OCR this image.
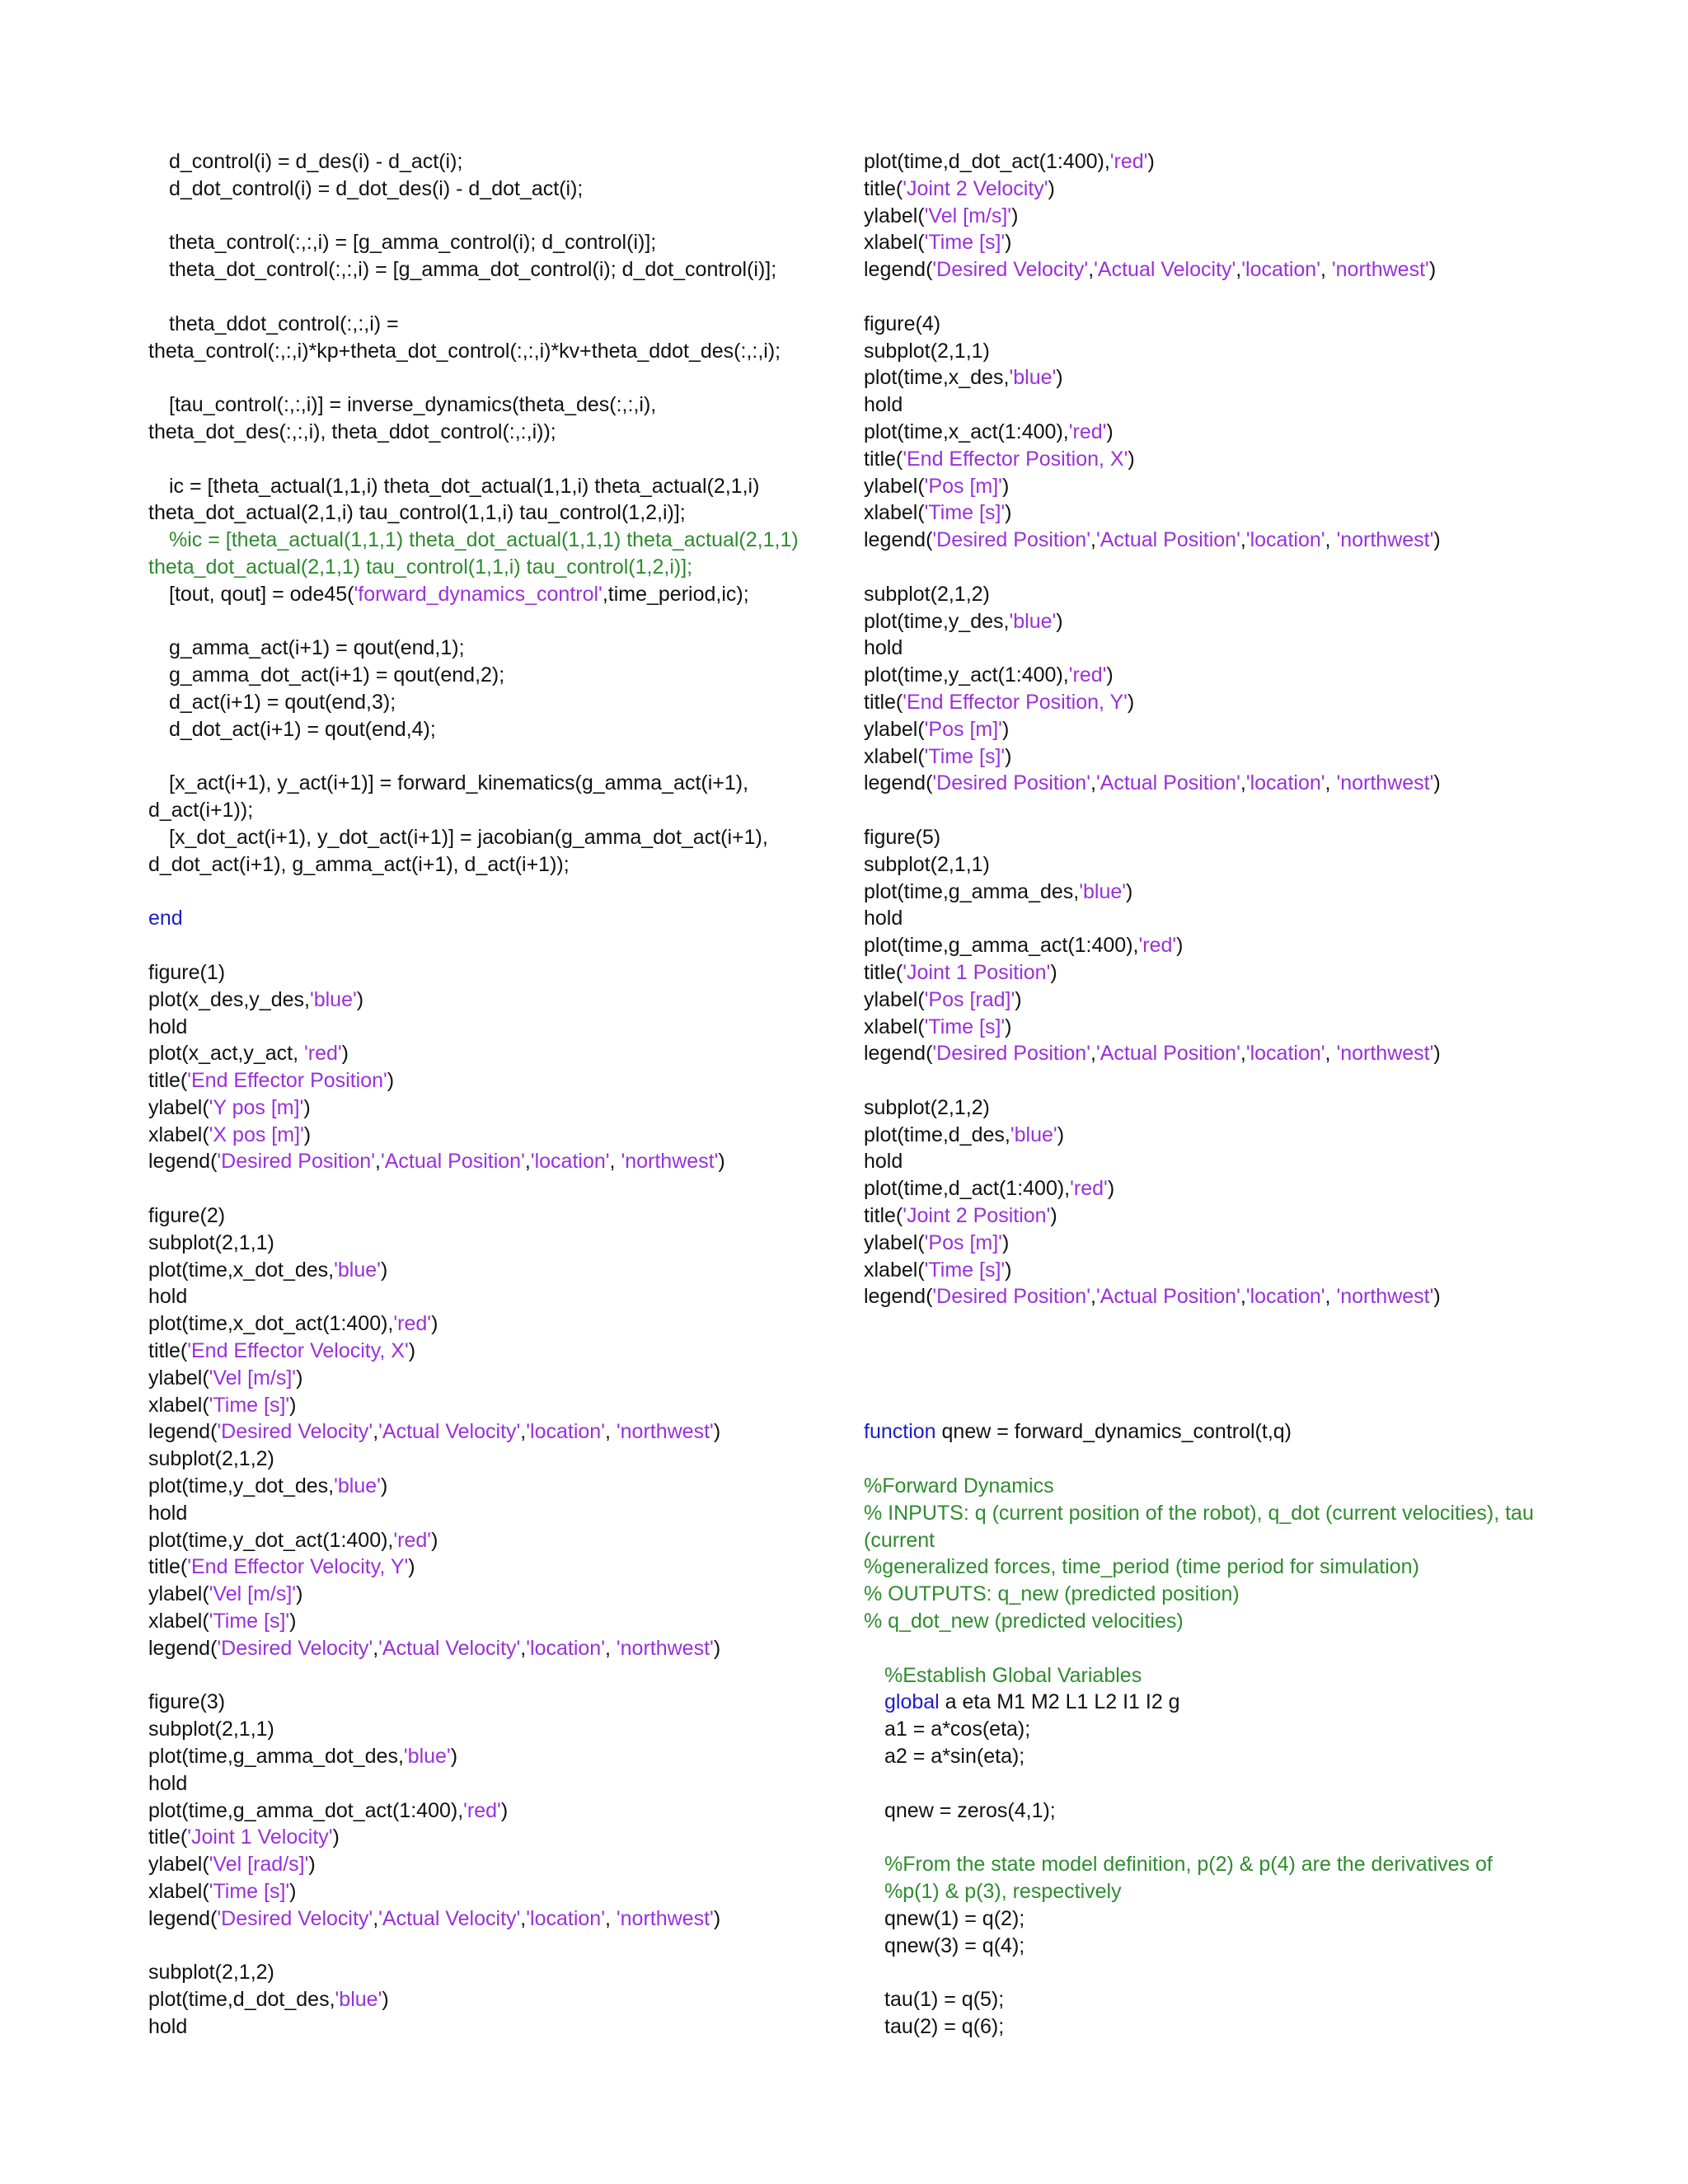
d_control(i) = d_des(i) - d_act(i);
d_dot_control(i) = d_dot_des(i) - d_dot_act(i);

theta_control(:,:,i) = [g_amma_control(i); d_control(i)];
theta_dot_control(:,:,i) = [g_amma_dot_control(i); d_dot_control(i)];

theta_ddot_control(:,:,i) =
theta_control(:,:,i)*kp+theta_dot_control(:,:,i)*kv+theta_ddot_des(:,:,i);

[tau_control(:,:,i)] = inverse_dynamics(theta_des(:,:,i),
theta_dot_des(:,:,i), theta_ddot_control(:,:,i));

ic = [theta_actual(1,1,i) theta_dot_actual(1,1,i) theta_actual(2,1,i)
theta_dot_actual(2,1,i) tau_control(1,1,i) tau_control(1,2,i)];
%ic = [theta_actual(1,1,1) theta_dot_actual(1,1,1) theta_actual(2,1,1)
theta_dot_actual(2,1,1) tau_control(1,1,i) tau_control(1,2,i)];
[tout, qout] = ode45('forward_dynamics_control',time_period,ic);

g_amma_act(i+1) = qout(end,1);
g_amma_dot_act(i+1) = qout(end,2);
d_act(i+1) = qout(end,3);
d_dot_act(i+1) = qout(end,4);

[x_act(i+1), y_act(i+1)] = forward_kinematics(g_amma_act(i+1),
d_act(i+1));
[x_dot_act(i+1), y_dot_act(i+1)] = jacobian(g_amma_dot_act(i+1),
d_dot_act(i+1), g_amma_act(i+1), d_act(i+1));

end

figure(1)
plot(x_des,y_des,'blue')
hold
plot(x_act,y_act, 'red')
title('End Effector Position')
ylabel('Y pos [m]')
xlabel('X pos [m]')
legend('Desired Position','Actual Position','location', 'northwest')

figure(2)
subplot(2,1,1)
plot(time,x_dot_des,'blue')
hold
plot(time,x_dot_act(1:400),'red')
title('End Effector Velocity, X')
ylabel('Vel [m/s]')
xlabel('Time [s]')
legend('Desired Velocity','Actual Velocity','location', 'northwest')
subplot(2,1,2)
plot(time,y_dot_des,'blue')
hold
plot(time,y_dot_act(1:400),'red')
title('End Effector Velocity, Y')
ylabel('Vel [m/s]')
xlabel('Time [s]')
legend('Desired Velocity','Actual Velocity','location', 'northwest')

figure(3)
subplot(2,1,1)
plot(time,g_amma_dot_des,'blue')
hold
plot(time,g_amma_dot_act(1:400),'red')
title('Joint 1 Velocity')
ylabel('Vel [rad/s]')
xlabel('Time [s]')
legend('Desired Velocity','Actual Velocity','location', 'northwest')

subplot(2,1,2)
plot(time,d_dot_des,'blue')
hold
plot(time,d_dot_act(1:400),'red')
title('Joint 2 Velocity')
ylabel('Vel [m/s]')
xlabel('Time [s]')
legend('Desired Velocity','Actual Velocity','location', 'northwest')

figure(4)
subplot(2,1,1)
plot(time,x_des,'blue')
hold
plot(time,x_act(1:400),'red')
title('End Effector Position, X')
ylabel('Pos [m]')
xlabel('Time [s]')
legend('Desired Position','Actual Position','location', 'northwest')

subplot(2,1,2)
plot(time,y_des,'blue')
hold
plot(time,y_act(1:400),'red')
title('End Effector Position, Y')
ylabel('Pos [m]')
xlabel('Time [s]')
legend('Desired Position','Actual Position','location', 'northwest')

figure(5)
subplot(2,1,1)
plot(time,g_amma_des,'blue')
hold
plot(time,g_amma_act(1:400),'red')
title('Joint 1 Position')
ylabel('Pos [rad]')
xlabel('Time [s]')
legend('Desired Position','Actual Position','location', 'northwest')

subplot(2,1,2)
plot(time,d_des,'blue')
hold
plot(time,d_act(1:400),'red')
title('Joint 2 Position')
ylabel('Pos [m]')
xlabel('Time [s]')
legend('Desired Position','Actual Position','location', 'northwest')

function qnew = forward_dynamics_control(t,q)

%Forward Dynamics
% INPUTS: q (current position of the robot), q_dot (current velocities), tau
(current
%generalized forces, time_period (time period for simulation)
% OUTPUTS: q_new (predicted position)
% q_dot_new (predicted velocities)

%Establish Global Variables
global a eta M1 M2 L1 L2 I1 I2 g
a1 = a*cos(eta);
a2 = a*sin(eta);

qnew = zeros(4,1);

%From the state model definition, p(2) & p(4) are the derivatives of
%p(1) & p(3), respectively
qnew(1) = q(2);
qnew(3) = q(4);

tau(1) = q(5);
tau(2) = q(6);
